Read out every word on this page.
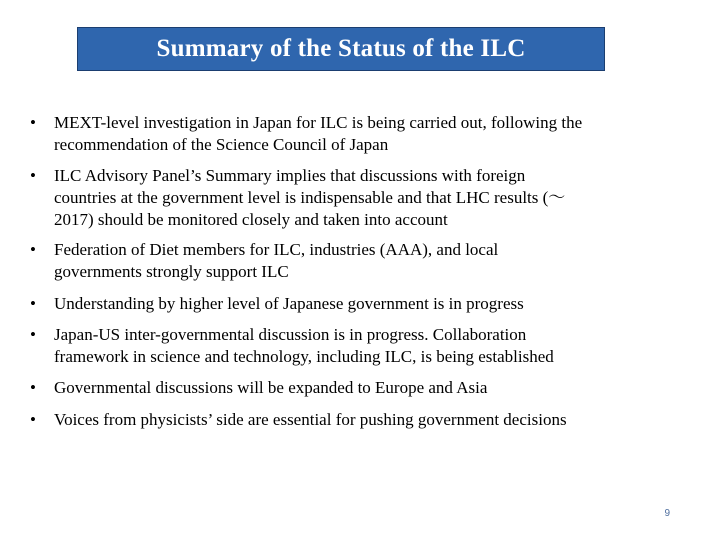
Summary of the Status of the ILC
•	MEXT-level investigation in Japan for ILC is being carried out, following the
recommendation of the Science Council of Japan
•	ILC Advisory Panel’s Summary implies that discussions with foreign
countries at the government level is indispensable and that LHC results (〜
2017) should be monitored closely and taken into account
•	Federation of Diet members for ILC, industries (AAA), and local
governments strongly support ILC
•	Understanding by higher level of Japanese government is in progress
•	Japan-US inter-governmental discussion is in progress. Collaboration
framework in science and technology, including ILC, is being established
•	Governmental discussions will be expanded to Europe and Asia
•	Voices from physicists’ side are essential for pushing government decisions
9
